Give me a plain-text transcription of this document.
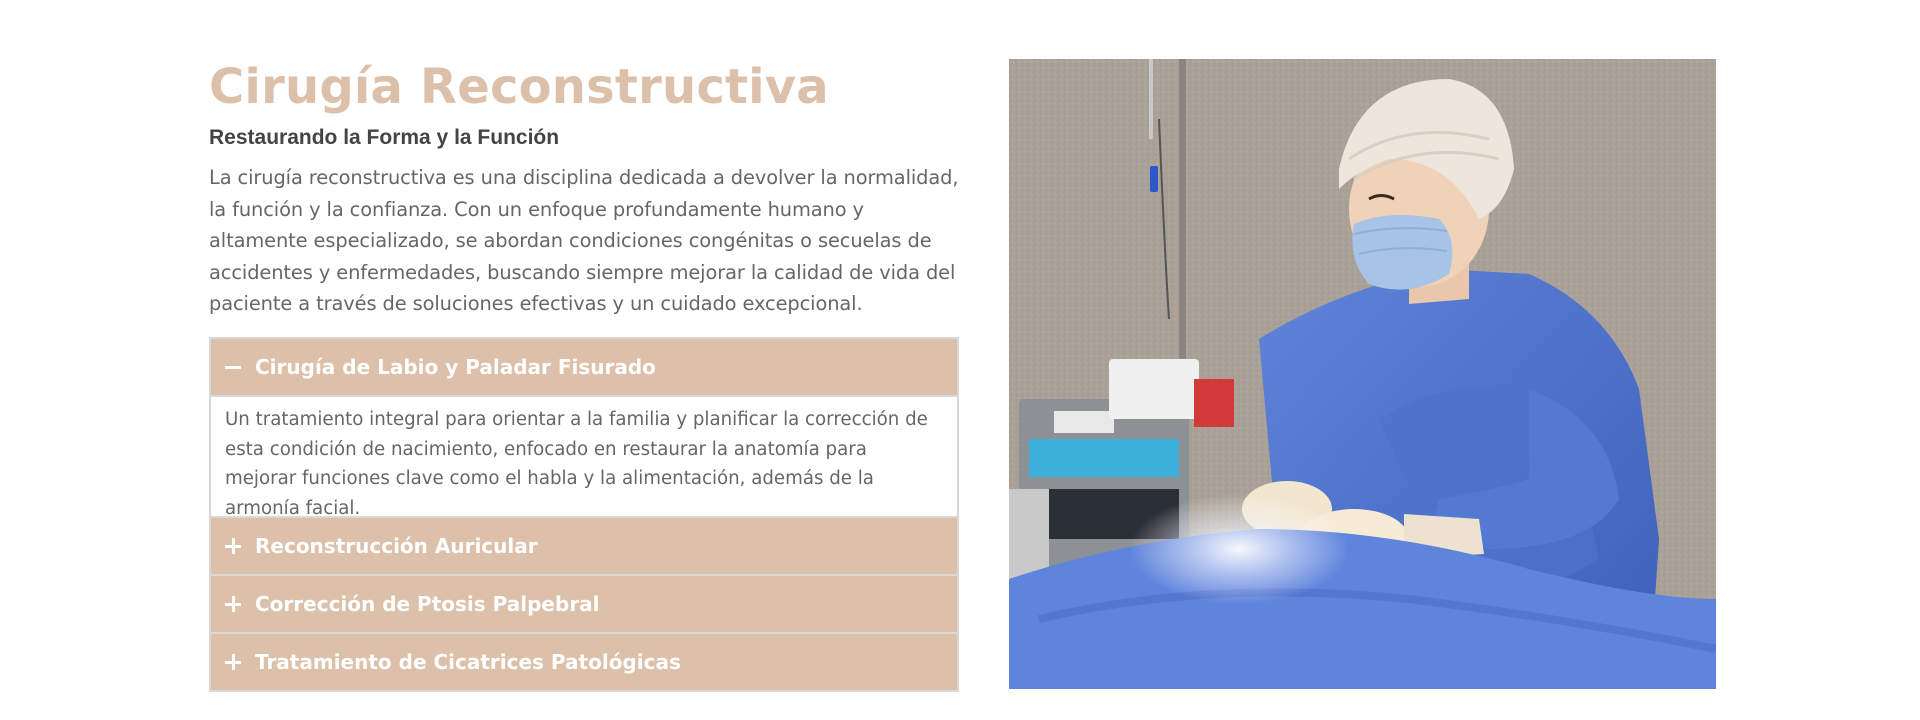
Cirugía Reconstructiva
Restaurando la Forma y la Función

La cirugía reconstructiva es una disciplina dedicada a devolver la normalidad, la función y la confianza. Con un enfoque profundamente humano y altamente especializado, se abordan condiciones congénitas o secuelas de accidentes y enfermedades, buscando siempre mejorar la calidad de vida del paciente a través de soluciones efectivas y un cuidado excepcional.

Cirugía de Labio y Paladar Fisurado
Un tratamiento integral para orientar a la familia y planificar la corrección de esta condición de nacimiento, enfocado en restaurar la anatomía para mejorar funciones clave como el habla y la alimentación, además de la armonía facial.
Reconstrucción Auricular
Corrección de Ptosis Palpebral
Tratamiento de Cicatrices Patológicas
